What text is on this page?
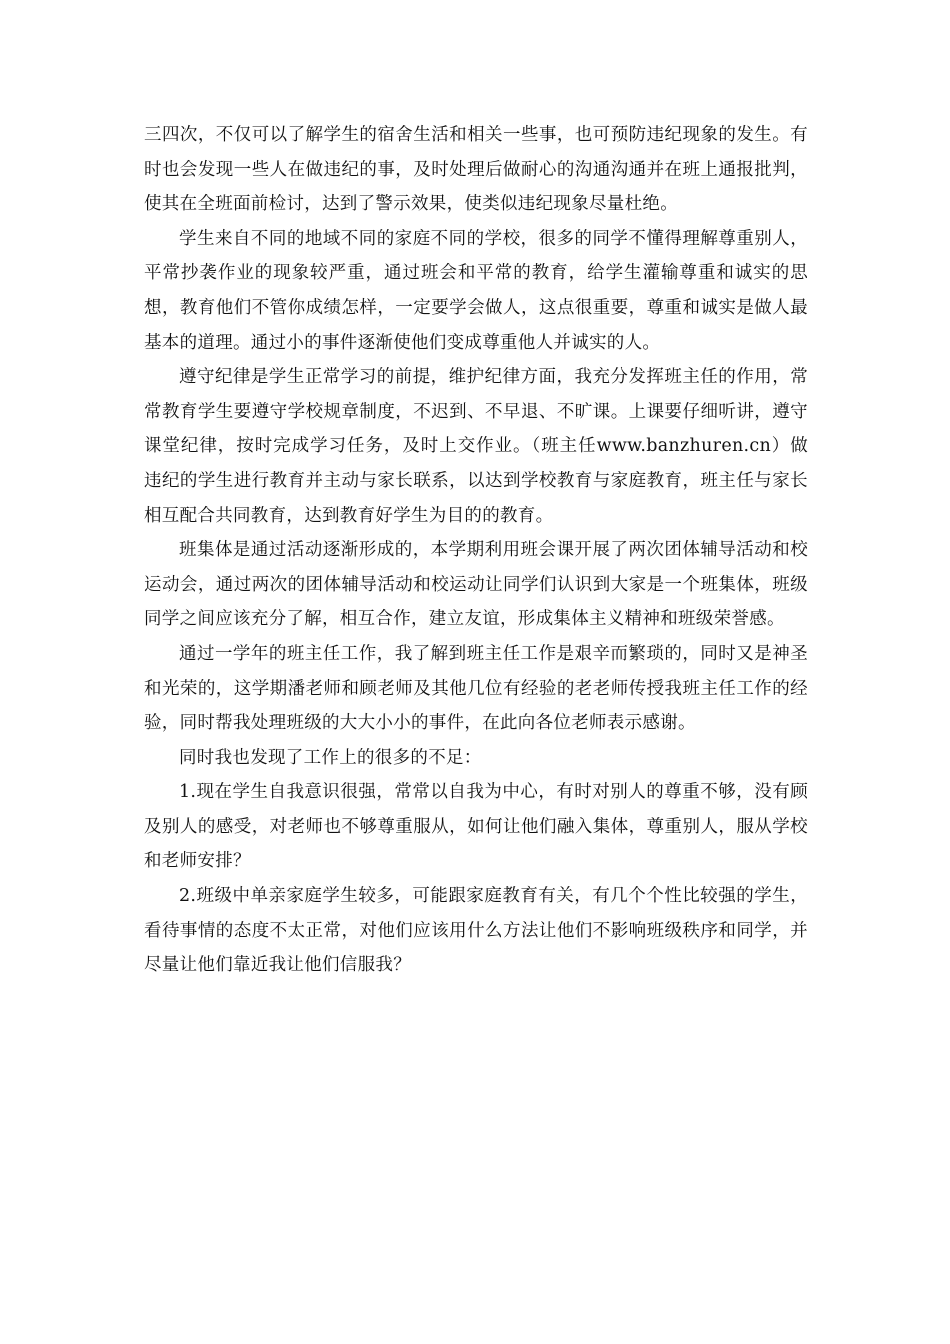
三四次，不仅可以了解学生的宿舍生活和相关一些事，也可预防违纪现象的发生。有时也会发现一些人在做违纪的事，及时处理后做耐心的沟通沟通并在班上通报批判，使其在全班面前检讨，达到了警示效果，使类似违纪现象尽量杜绝。

学生来自不同的地域不同的家庭不同的学校，很多的同学不懂得理解尊重别人，平常抄袭作业的现象较严重，通过班会和平常的教育，给学生灌输尊重和诚实的思想，教育他们不管你成绩怎样，一定要学会做人，这点很重要，尊重和诚实是做人最基本的道理。通过小的事件逐渐使他们变成尊重他人并诚实的人。

遵守纪律是学生正常学习的前提，维护纪律方面，我充分发挥班主任的作用，常常教育学生要遵守学校规章制度，不迟到、不早退、不旷课。上课要仔细听讲，遵守课堂纪律，按时完成学习任务，及时上交作业。（班主任www.banzhuren.cn）做违纪的学生进行教育并主动与家长联系，以达到学校教育与家庭教育，班主任与家长相互配合共同教育，达到教育好学生为目的的教育。

班集体是通过活动逐渐形成的，本学期利用班会课开展了两次团体辅导活动和校运动会，通过两次的团体辅导活动和校运动让同学们认识到大家是一个班集体，班级同学之间应该充分了解，相互合作，建立友谊，形成集体主义精神和班级荣誉感。

通过一学年的班主任工作，我了解到班主任工作是艰辛而繁琐的，同时又是神圣和光荣的，这学期潘老师和顾老师及其他几位有经验的老老师传授我班主任工作的经验，同时帮我处理班级的大大小小的事件，在此向各位老师表示感谢。

同时我也发现了工作上的很多的不足：

1.现在学生自我意识很强，常常以自我为中心，有时对别人的尊重不够，没有顾及别人的感受，对老师也不够尊重服从，如何让他们融入集体，尊重别人，服从学校和老师安排？

2.班级中单亲家庭学生较多，可能跟家庭教育有关，有几个个性比较强的学生，看待事情的态度不太正常，对他们应该用什么方法让他们不影响班级秩序和同学，并尽量让他们靠近我让他们信服我？
